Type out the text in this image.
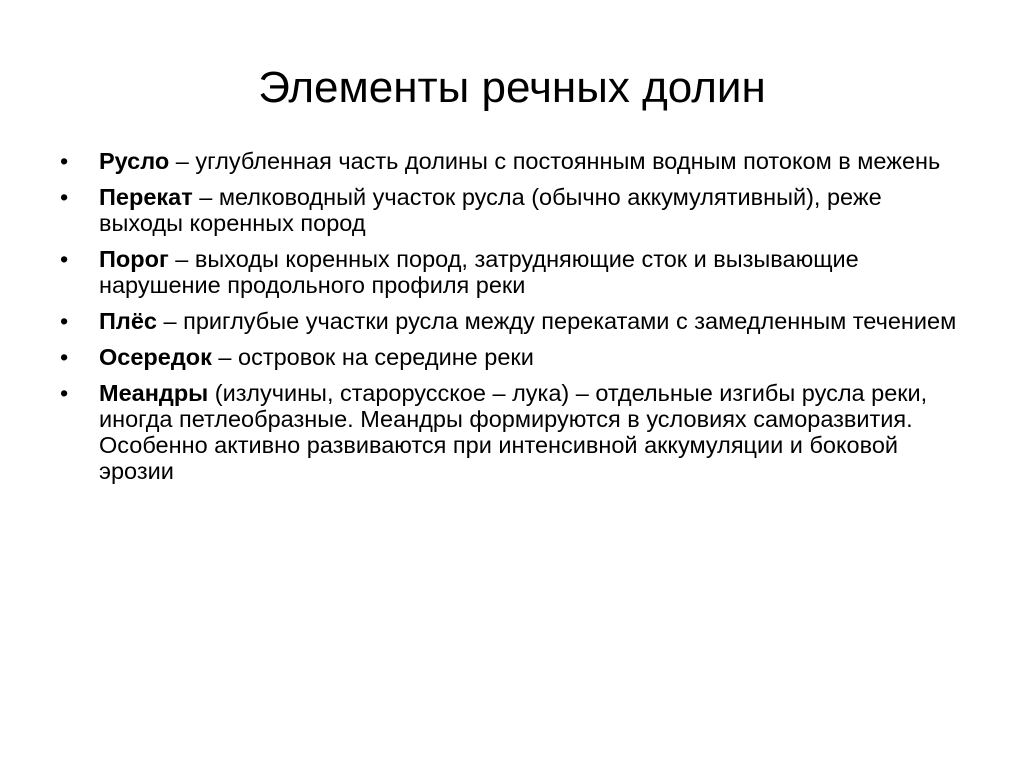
Элементы речных долин
•	Русло – углубленная часть долины с постоянным водным потоком в межень
•	Перекат – мелководный участок русла (обычно аккумулятивный), реже выходы коренных пород
•	Порог – выходы коренных пород, затрудняющие сток и вызывающие нарушение продольного профиля реки
•	Плёс – приглубые участки русла между перекатами с замедленным течением
•	Осередок – островок на середине реки
•	Меандры (излучины, старорусское – лука) – отдельные изгибы русла реки, иногда петлеобразные. Меандры формируются в условиях саморазвития. Особенно активно развиваются при интенсивной аккумуляции и боковой эрозии
